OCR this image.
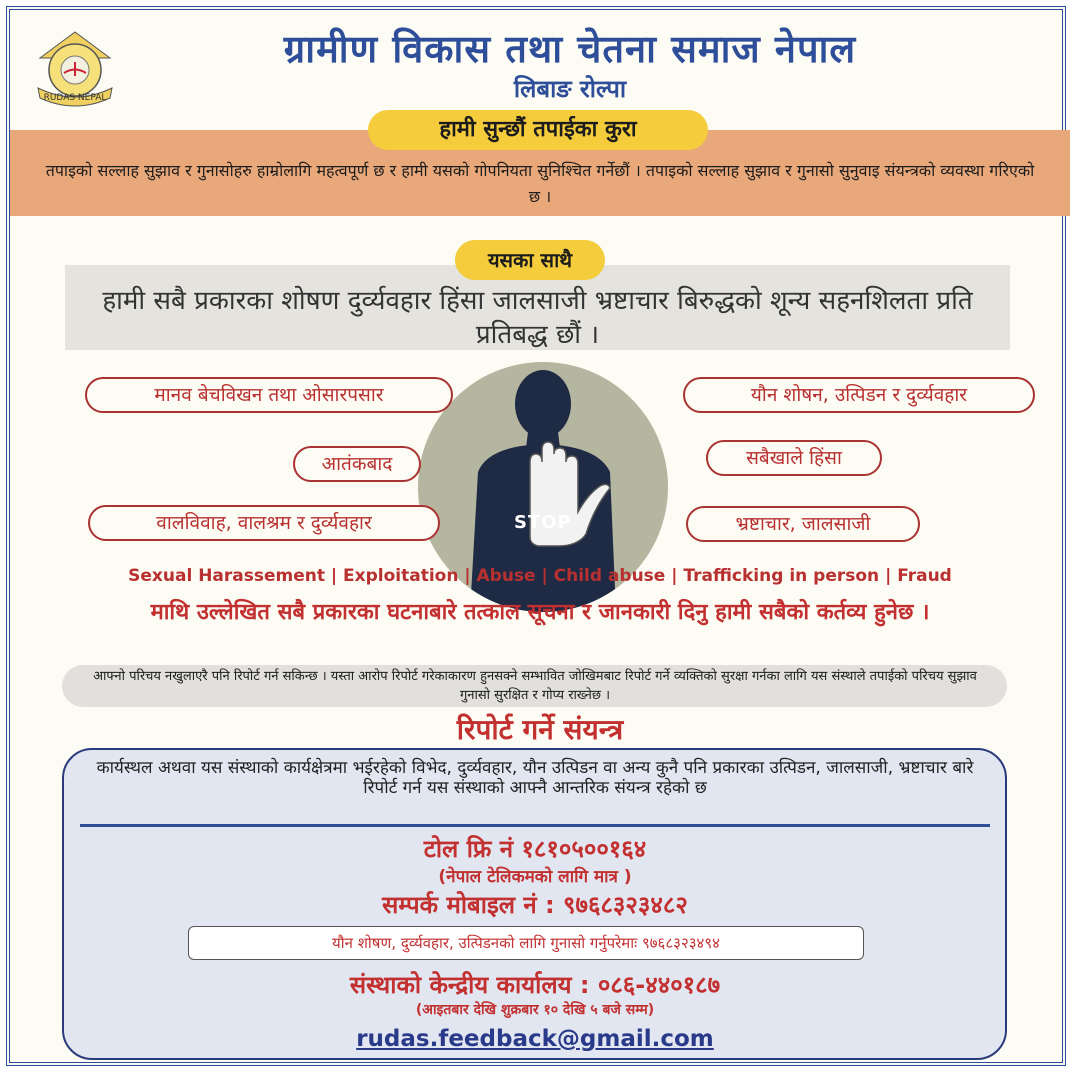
RUDAS NEPAL
ग्रामीण विकास तथा चेतना समाज नेपाल
लिबाङ रोल्पा
हामी सुन्छौं तपाईका कुरा
तपाइको सल्लाह सुझाव र गुनासोहरु हाम्रोलागि महत्वपूर्ण छ र हामी यसको गोपनियता सुनिश्चित गर्नेछौं । तपाइको सल्लाह सुझाव र गुनासो सुनुवाइ संयन्त्रको व्यवस्था गरिएको छ ।
यसका साथै
हामी सबै प्रकारका शोषण दुर्व्यवहार हिंसा जालसाजी भ्रष्टाचार बिरुद्धको शून्य सहनशिलता प्रति प्रतिबद्ध छौं ।
STOP
मानव बेचविखन तथा ओसारपसार	यौन शोषन, उत्पिडन र दुर्व्यवहार
आतंकबाद	सबैखाले हिंसा
वालविवाह, वालश्रम र दुर्व्यवहार	भ्रष्टाचार, जालसाजी
Sexual Harassement | Exploitation | Abuse | Child abuse | Trafficking in person | Fraud
माथि उल्लेखित सबै प्रकारका घटनाबारे तत्काल सूचना र जानकारी दिनु हामी सबैको कर्तव्य हुनेछ ।
आफ्नो परिचय नखुलाएरै पनि रिपोर्ट गर्न सकिन्छ । यस्ता आरोप रिपोर्ट गरेकाकारण हुनसक्ने सम्भावित जोखिमबाट रिपोर्ट गर्ने व्यक्तिको सुरक्षा गर्नका लागि यस संस्थाले तपाईको परिचय सुझाव गुनासो सुरक्षित र गोप्य राख्नेछ ।
रिपोर्ट गर्ने संयन्त्र
कार्यस्थल अथवा यस संस्थाको कार्यक्षेत्रमा भईरहेको विभेद, दुर्व्यवहार, यौन उत्पिडन वा अन्य कुनै पनि प्रकारका उत्पिडन, जालसाजी, भ्रष्टाचार बारे रिपोर्ट गर्न यस संस्थाको आफ्नै आन्तरिक संयन्त्र रहेको छ
टोल फ्रि नं १८१०५००१६४
(नेपाल टेलिकमको लागि मात्र )
सम्पर्क मोबाइल नं : ९७६८३२३४८२
यौन शोषण, दुर्व्यवहार, उत्पिडनको लागि गुनासो गर्नुपरेमाः ९७६८३२३४९४
संस्थाको केन्द्रीय कार्यालय : ०८६-४४०१८७
(आइतबार देखि शुक्रबार १० देखि ५ बजे सम्म)
rudas.feedback@gmail.com
